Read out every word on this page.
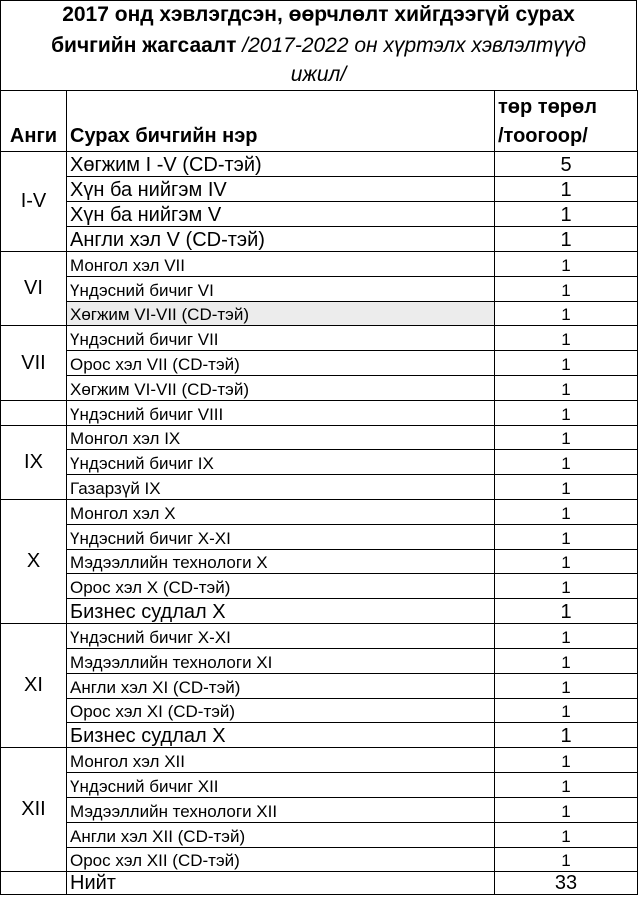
2017 онд хэвлэгдсэн, өөрчлөлт хийгдээгүй сурах
бичгийн жагсаалт /2017-2022 он хүртэлх хэвлэлтүүд
ижил/
Анги	Сурах бичгийн нэр	төр төрөл
/тоогоор/
I-V	Хөгжим I -V (CD-тэй)	5
	Хүн ба нийгэм IV	1
	Хүн ба нийгэм V	1
	Англи хэл V (CD-тэй)	1
VI	Монгол хэл VII	1
	Үндэсний бичиг VI	1
	Хөгжим VI-VII (CD-тэй)	1
VII	Үндэсний бичиг VII	1
	Орос хэл VII (CD-тэй)	1
	Хөгжим VI-VII (CD-тэй)	1
	Үндэсний бичиг VIII	1
IX	Монгол хэл IX	1
	Үндэсний бичиг IX	1
	Газарзүй IX	1
X	Монгол хэл X	1
	Үндэсний бичиг X-XI	1
	Мэдээллийн технологи X	1
	Орос хэл X (CD-тэй)	1
	Бизнес судлал X	1
XI	Үндэсний бичиг X-XI	1
	Мэдээллийн технологи XI	1
	Англи хэл XI (CD-тэй)	1
	Орос хэл XI (CD-тэй)	1
	Бизнес судлал X	1
XII	Монгол хэл XII	1
	Үндэсний бичиг XII	1
	Мэдээллийн технологи XII	1
	Англи хэл XII (CD-тэй)	1
	Орос хэл XII (CD-тэй)	1
	Нийт	33
